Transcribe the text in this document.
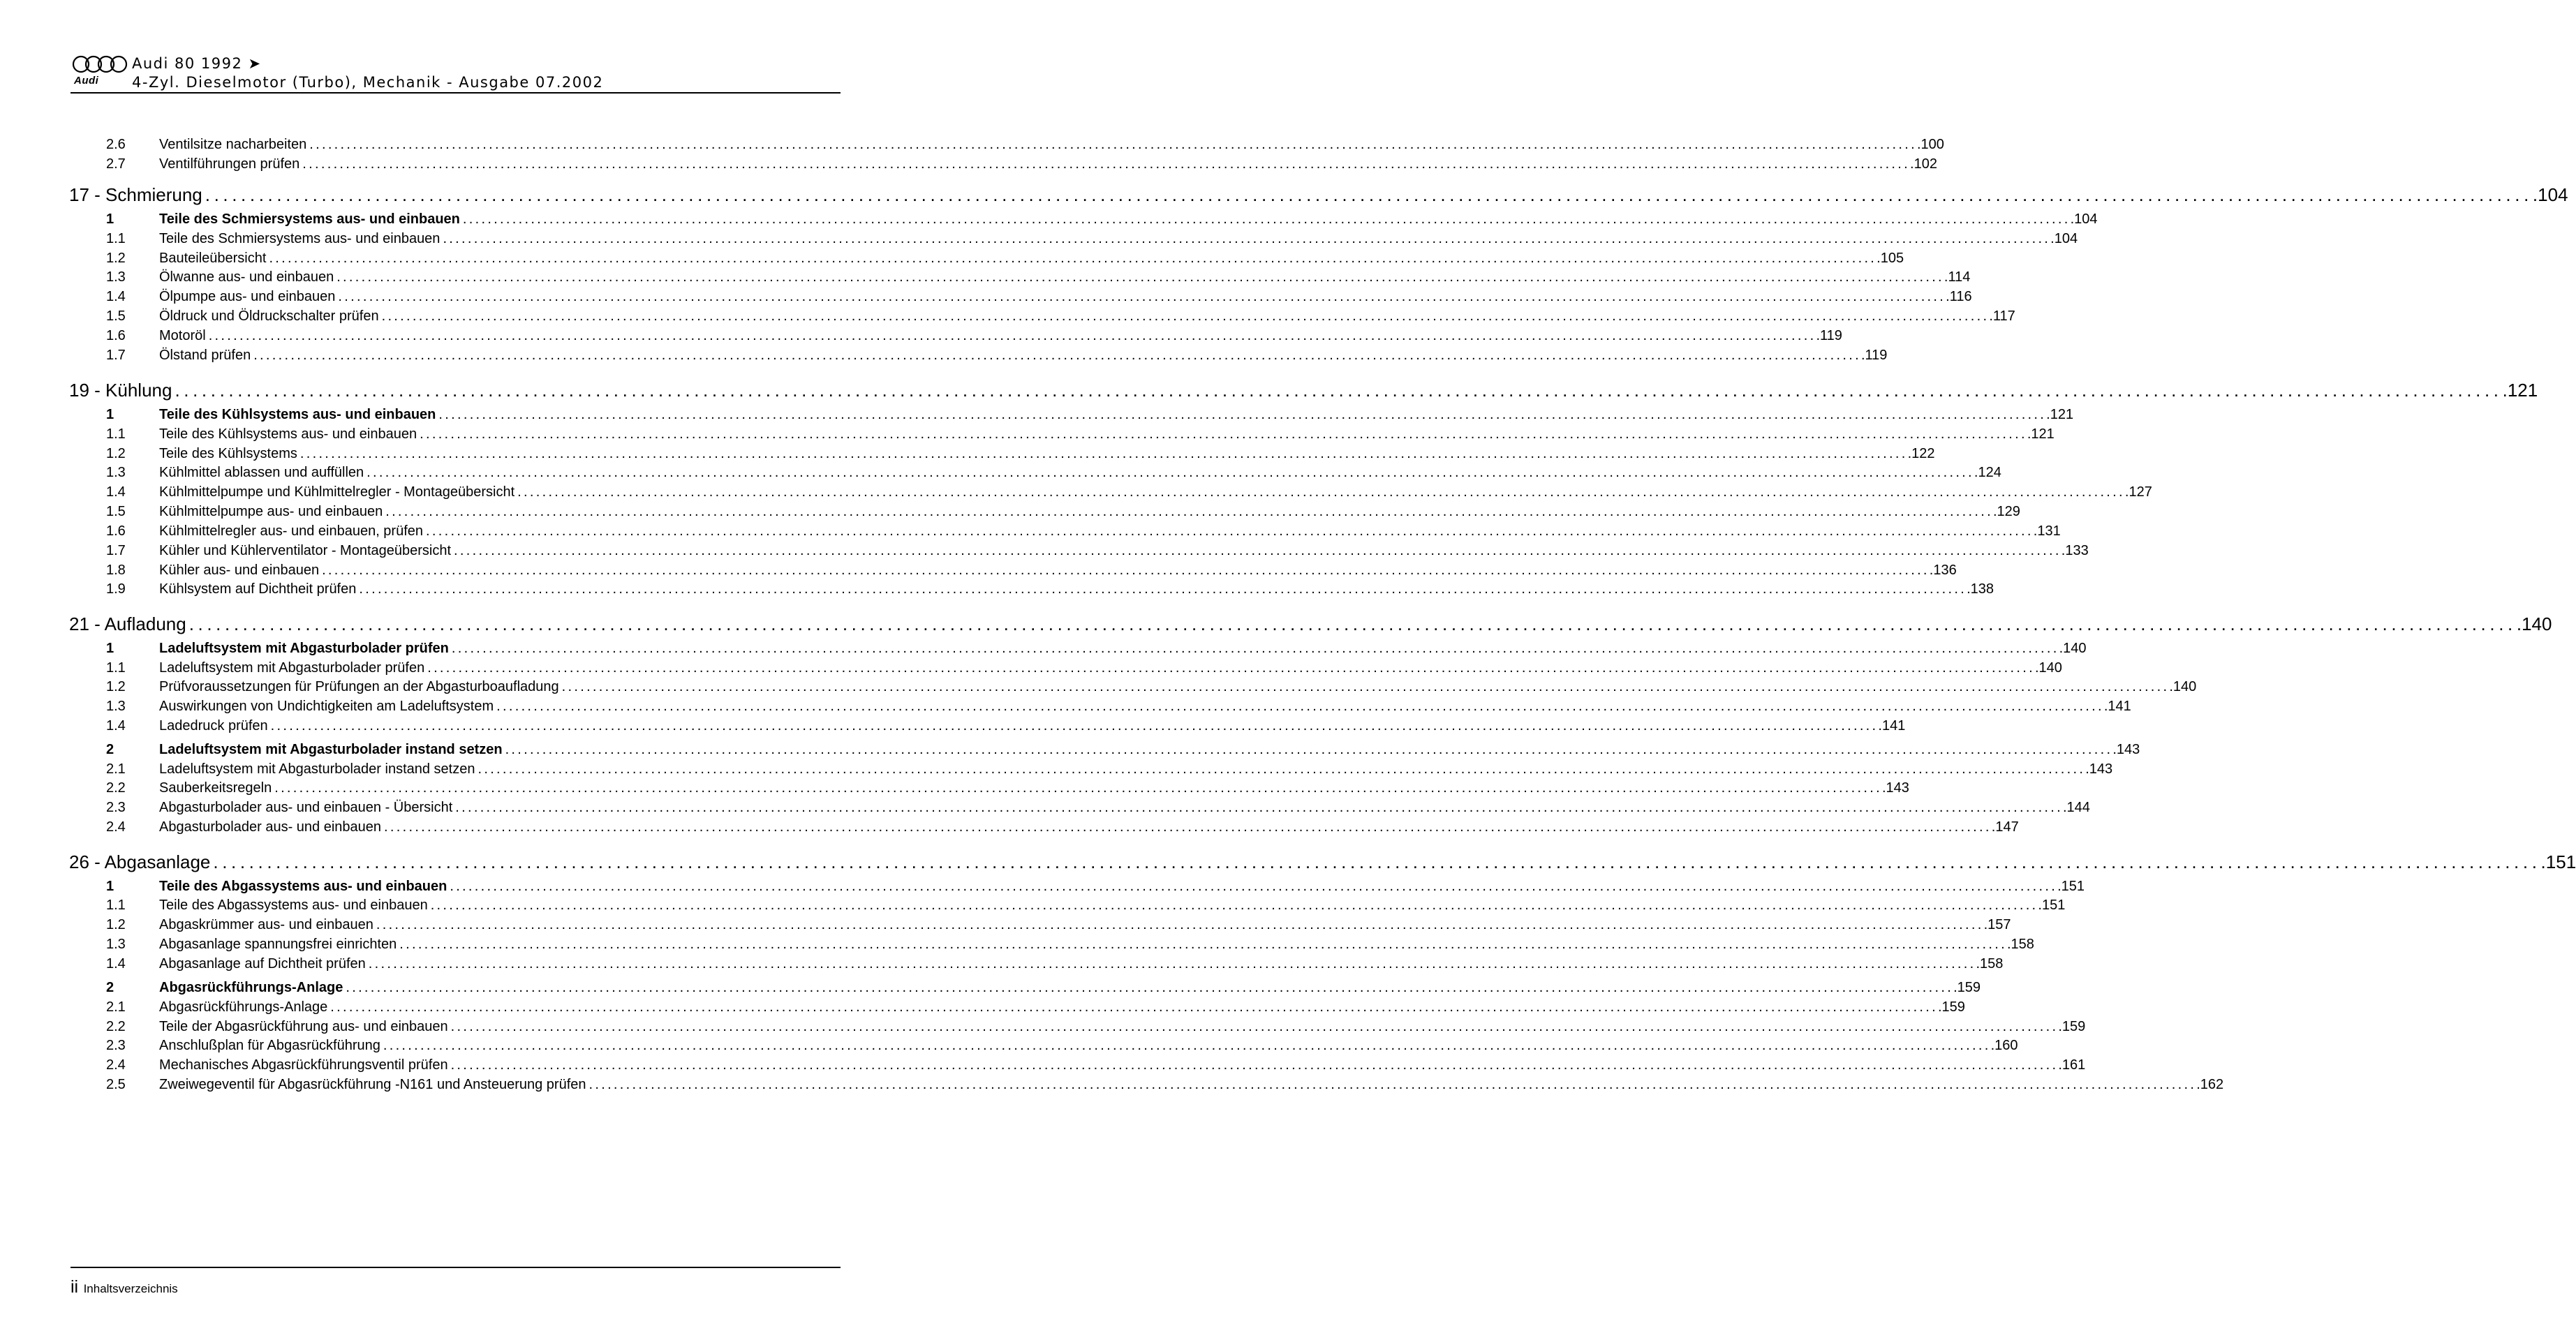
Audi
Audi 80 1992 ➤
4-Zyl. Dieselmotor (Turbo), Mechanik - Ausgabe 07.2002
2.6	Ventilsitze nacharbeiten .................................................................................................................................................................................................................................................................... .100
2.7	Ventilführungen prüfen .................................................................................................................................................................................................................................................................... .102
17 - Schmierung .................................................................................................................................................................................................................................................................... .104
1	Teile des Schmiersystems aus- und einbauen .................................................................................................................................................................................................................................................................... .104
1.1	Teile des Schmiersystems aus- und einbauen .................................................................................................................................................................................................................................................................... .104
1.2	Bauteileübersicht .................................................................................................................................................................................................................................................................... .105
1.3	Ölwanne aus- und einbauen .................................................................................................................................................................................................................................................................... .114
1.4	Ölpumpe aus- und einbauen .................................................................................................................................................................................................................................................................... .116
1.5	Öldruck und Öldruckschalter prüfen .................................................................................................................................................................................................................................................................... .117
1.6	Motoröl .................................................................................................................................................................................................................................................................... .119
1.7	Ölstand prüfen .................................................................................................................................................................................................................................................................... .119
19 - Kühlung .................................................................................................................................................................................................................................................................... .121
1	Teile des Kühlsystems aus- und einbauen .................................................................................................................................................................................................................................................................... .121
1.1	Teile des Kühlsystems aus- und einbauen .................................................................................................................................................................................................................................................................... .121
1.2	Teile des Kühlsystems .................................................................................................................................................................................................................................................................... .122
1.3	Kühlmittel ablassen und auffüllen .................................................................................................................................................................................................................................................................... .124
1.4	Kühlmittelpumpe und Kühlmittelregler - Montageübersicht .................................................................................................................................................................................................................................................................... .127
1.5	Kühlmittelpumpe aus- und einbauen .................................................................................................................................................................................................................................................................... .129
1.6	Kühlmittelregler aus- und einbauen, prüfen .................................................................................................................................................................................................................................................................... .131
1.7	Kühler und Kühlerventilator - Montageübersicht .................................................................................................................................................................................................................................................................... .133
1.8	Kühler aus- und einbauen .................................................................................................................................................................................................................................................................... .136
1.9	Kühlsystem auf Dichtheit prüfen .................................................................................................................................................................................................................................................................... .138
21 - Aufladung .................................................................................................................................................................................................................................................................... .140
1	Ladeluftsystem mit Abgasturbolader prüfen .................................................................................................................................................................................................................................................................... .140
1.1	Ladeluftsystem mit Abgasturbolader prüfen .................................................................................................................................................................................................................................................................... .140
1.2	Prüfvoraussetzungen für Prüfungen an der Abgasturboaufladung .................................................................................................................................................................................................................................................................... .140
1.3	Auswirkungen von Undichtigkeiten am Ladeluftsystem .................................................................................................................................................................................................................................................................... .141
1.4	Ladedruck prüfen .................................................................................................................................................................................................................................................................... .141
2	Ladeluftsystem mit Abgasturbolader instand setzen .................................................................................................................................................................................................................................................................... .143
2.1	Ladeluftsystem mit Abgasturbolader instand setzen .................................................................................................................................................................................................................................................................... .143
2.2	Sauberkeitsregeln .................................................................................................................................................................................................................................................................... .143
2.3	Abgasturbolader aus- und einbauen - Übersicht .................................................................................................................................................................................................................................................................... .144
2.4	Abgasturbolader aus- und einbauen .................................................................................................................................................................................................................................................................... .147
26 - Abgasanlage .................................................................................................................................................................................................................................................................... .151
1	Teile des Abgassystems aus- und einbauen .................................................................................................................................................................................................................................................................... .151
1.1	Teile des Abgassystems aus- und einbauen .................................................................................................................................................................................................................................................................... .151
1.2	Abgaskrümmer aus- und einbauen .................................................................................................................................................................................................................................................................... .157
1.3	Abgasanlage spannungsfrei einrichten .................................................................................................................................................................................................................................................................... .158
1.4	Abgasanlage auf Dichtheit prüfen .................................................................................................................................................................................................................................................................... .158
2	Abgasrückführungs-Anlage .................................................................................................................................................................................................................................................................... .159
2.1	Abgasrückführungs-Anlage .................................................................................................................................................................................................................................................................... .159
2.2	Teile der Abgasrückführung aus- und einbauen .................................................................................................................................................................................................................................................................... .159
2.3	Anschlußplan für Abgasrückführung .................................................................................................................................................................................................................................................................... .160
2.4	Mechanisches Abgasrückführungsventil prüfen .................................................................................................................................................................................................................................................................... .161
2.5	Zweiwegeventil für Abgasrückführung -N161 und Ansteuerung prüfen .................................................................................................................................................................................................................................................................... .162
ii Inhaltsverzeichnis
